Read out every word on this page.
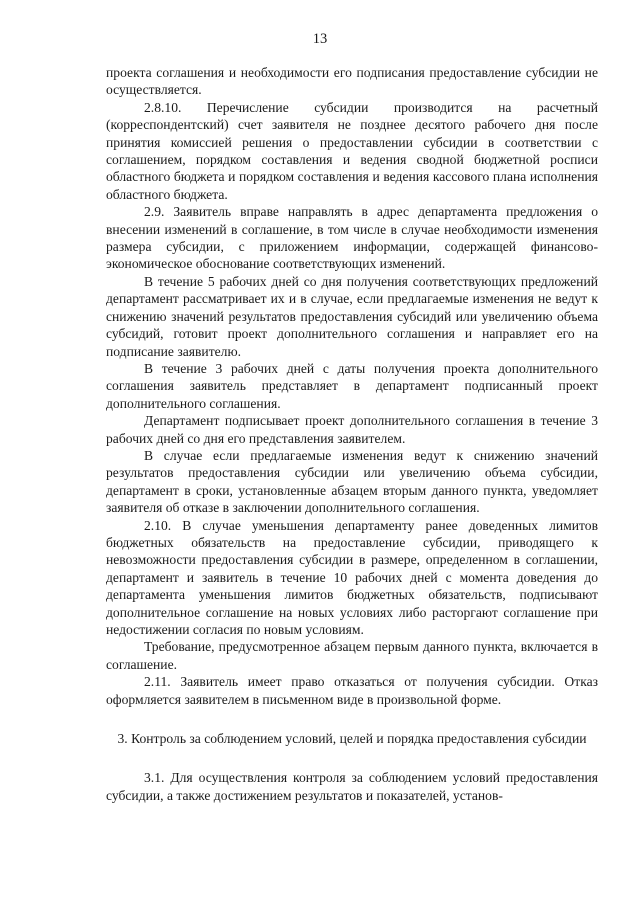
13

проекта соглашения и необходимости его подписания предоставление субсидии не осуществляется.

2.8.10. Перечисление субсидии производится на расчетный (корреспондентский) счет заявителя не позднее десятого рабочего дня после принятия комиссией решения о предоставлении субсидии в соответствии с соглашением, порядком составления и ведения сводной бюджетной росписи областного бюджета и порядком составления и ведения кассового плана исполнения областного бюджета.

2.9. Заявитель вправе направлять в адрес департамента предложения о внесении изменений в соглашение, в том числе в случае необходимости изменения размера субсидии, с приложением информации, содержащей финансово-экономическое обоснование соответствующих изменений.

В течение 5 рабочих дней со дня получения соответствующих предложений департамент рассматривает их и в случае, если предлагаемые изменения не ведут к снижению значений результатов предоставления субсидий или увеличению объема субсидий, готовит проект дополнительного соглашения и направляет его на подписание заявителю.

В течение 3 рабочих дней с даты получения проекта дополнительного соглашения заявитель представляет в департамент подписанный проект дополнительного соглашения.

Департамент подписывает проект дополнительного соглашения в течение 3 рабочих дней со дня его представления заявителем.

В случае если предлагаемые изменения ведут к снижению значений результатов предоставления субсидии или увеличению объема субсидии, департамент в сроки, установленные абзацем вторым данного пункта, уведомляет заявителя об отказе в заключении дополнительного соглашения.

2.10. В случае уменьшения департаменту ранее доведенных лимитов бюджетных обязательств на предоставление субсидии, приводящего к невозможности предоставления субсидии в размере, определенном в соглашении, департамент и заявитель в течение 10 рабочих дней с момента доведения до департамента уменьшения лимитов бюджетных обязательств, подписывают дополнительное соглашение на новых условиях либо расторгают соглашение при недостижении согласия по новым условиям.

Требование, предусмотренное абзацем первым данного пункта, включается в соглашение.

2.11. Заявитель имеет право отказаться от получения субсидии. Отказ оформляется заявителем в письменном виде в произвольной форме.

3. Контроль за соблюдением условий, целей и порядка предоставления субсидии

3.1. Для осуществления контроля за соблюдением условий предоставления субсидии, а также достижением результатов и показателей, установ-
